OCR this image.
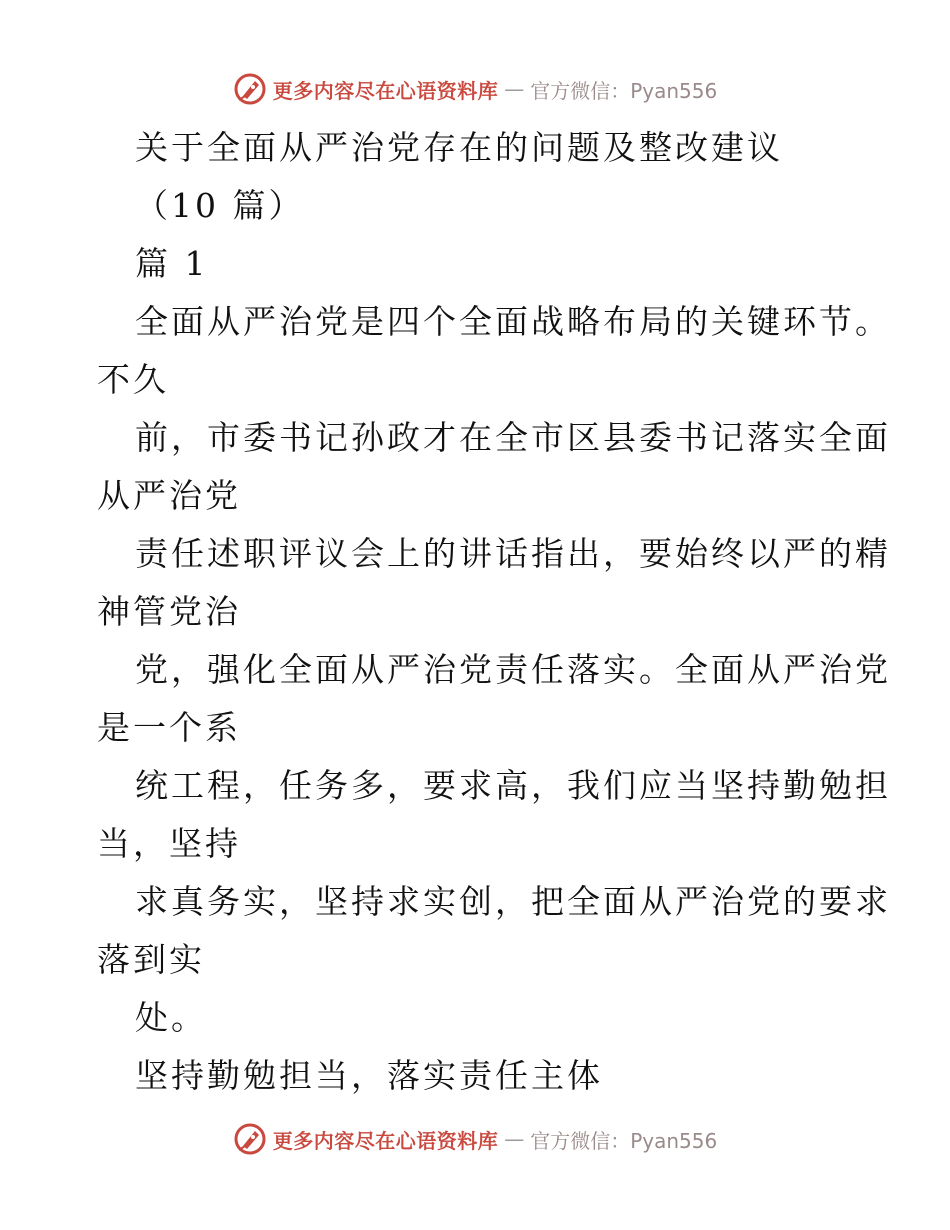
更多内容尽在心语资料库 — 官方微信：Pyan556
关于全面从严治党存在的问题及整改建议
（10 篇）
篇 1
全面从严治党是四个全面战略布局的关键环节。
不久
前，市委书记孙政才在全市区县委书记落实全面
从严治党
责任述职评议会上的讲话指出，要始终以严的精
神管党治
党，强化全面从严治党责任落实。全面从严治党
是一个系
统工程，任务多，要求高，我们应当坚持勤勉担
当，坚持
求真务实，坚持求实创，把全面从严治党的要求
落到实
处。
坚持勤勉担当，落实责任主体
更多内容尽在心语资料库 — 官方微信：Pyan556
